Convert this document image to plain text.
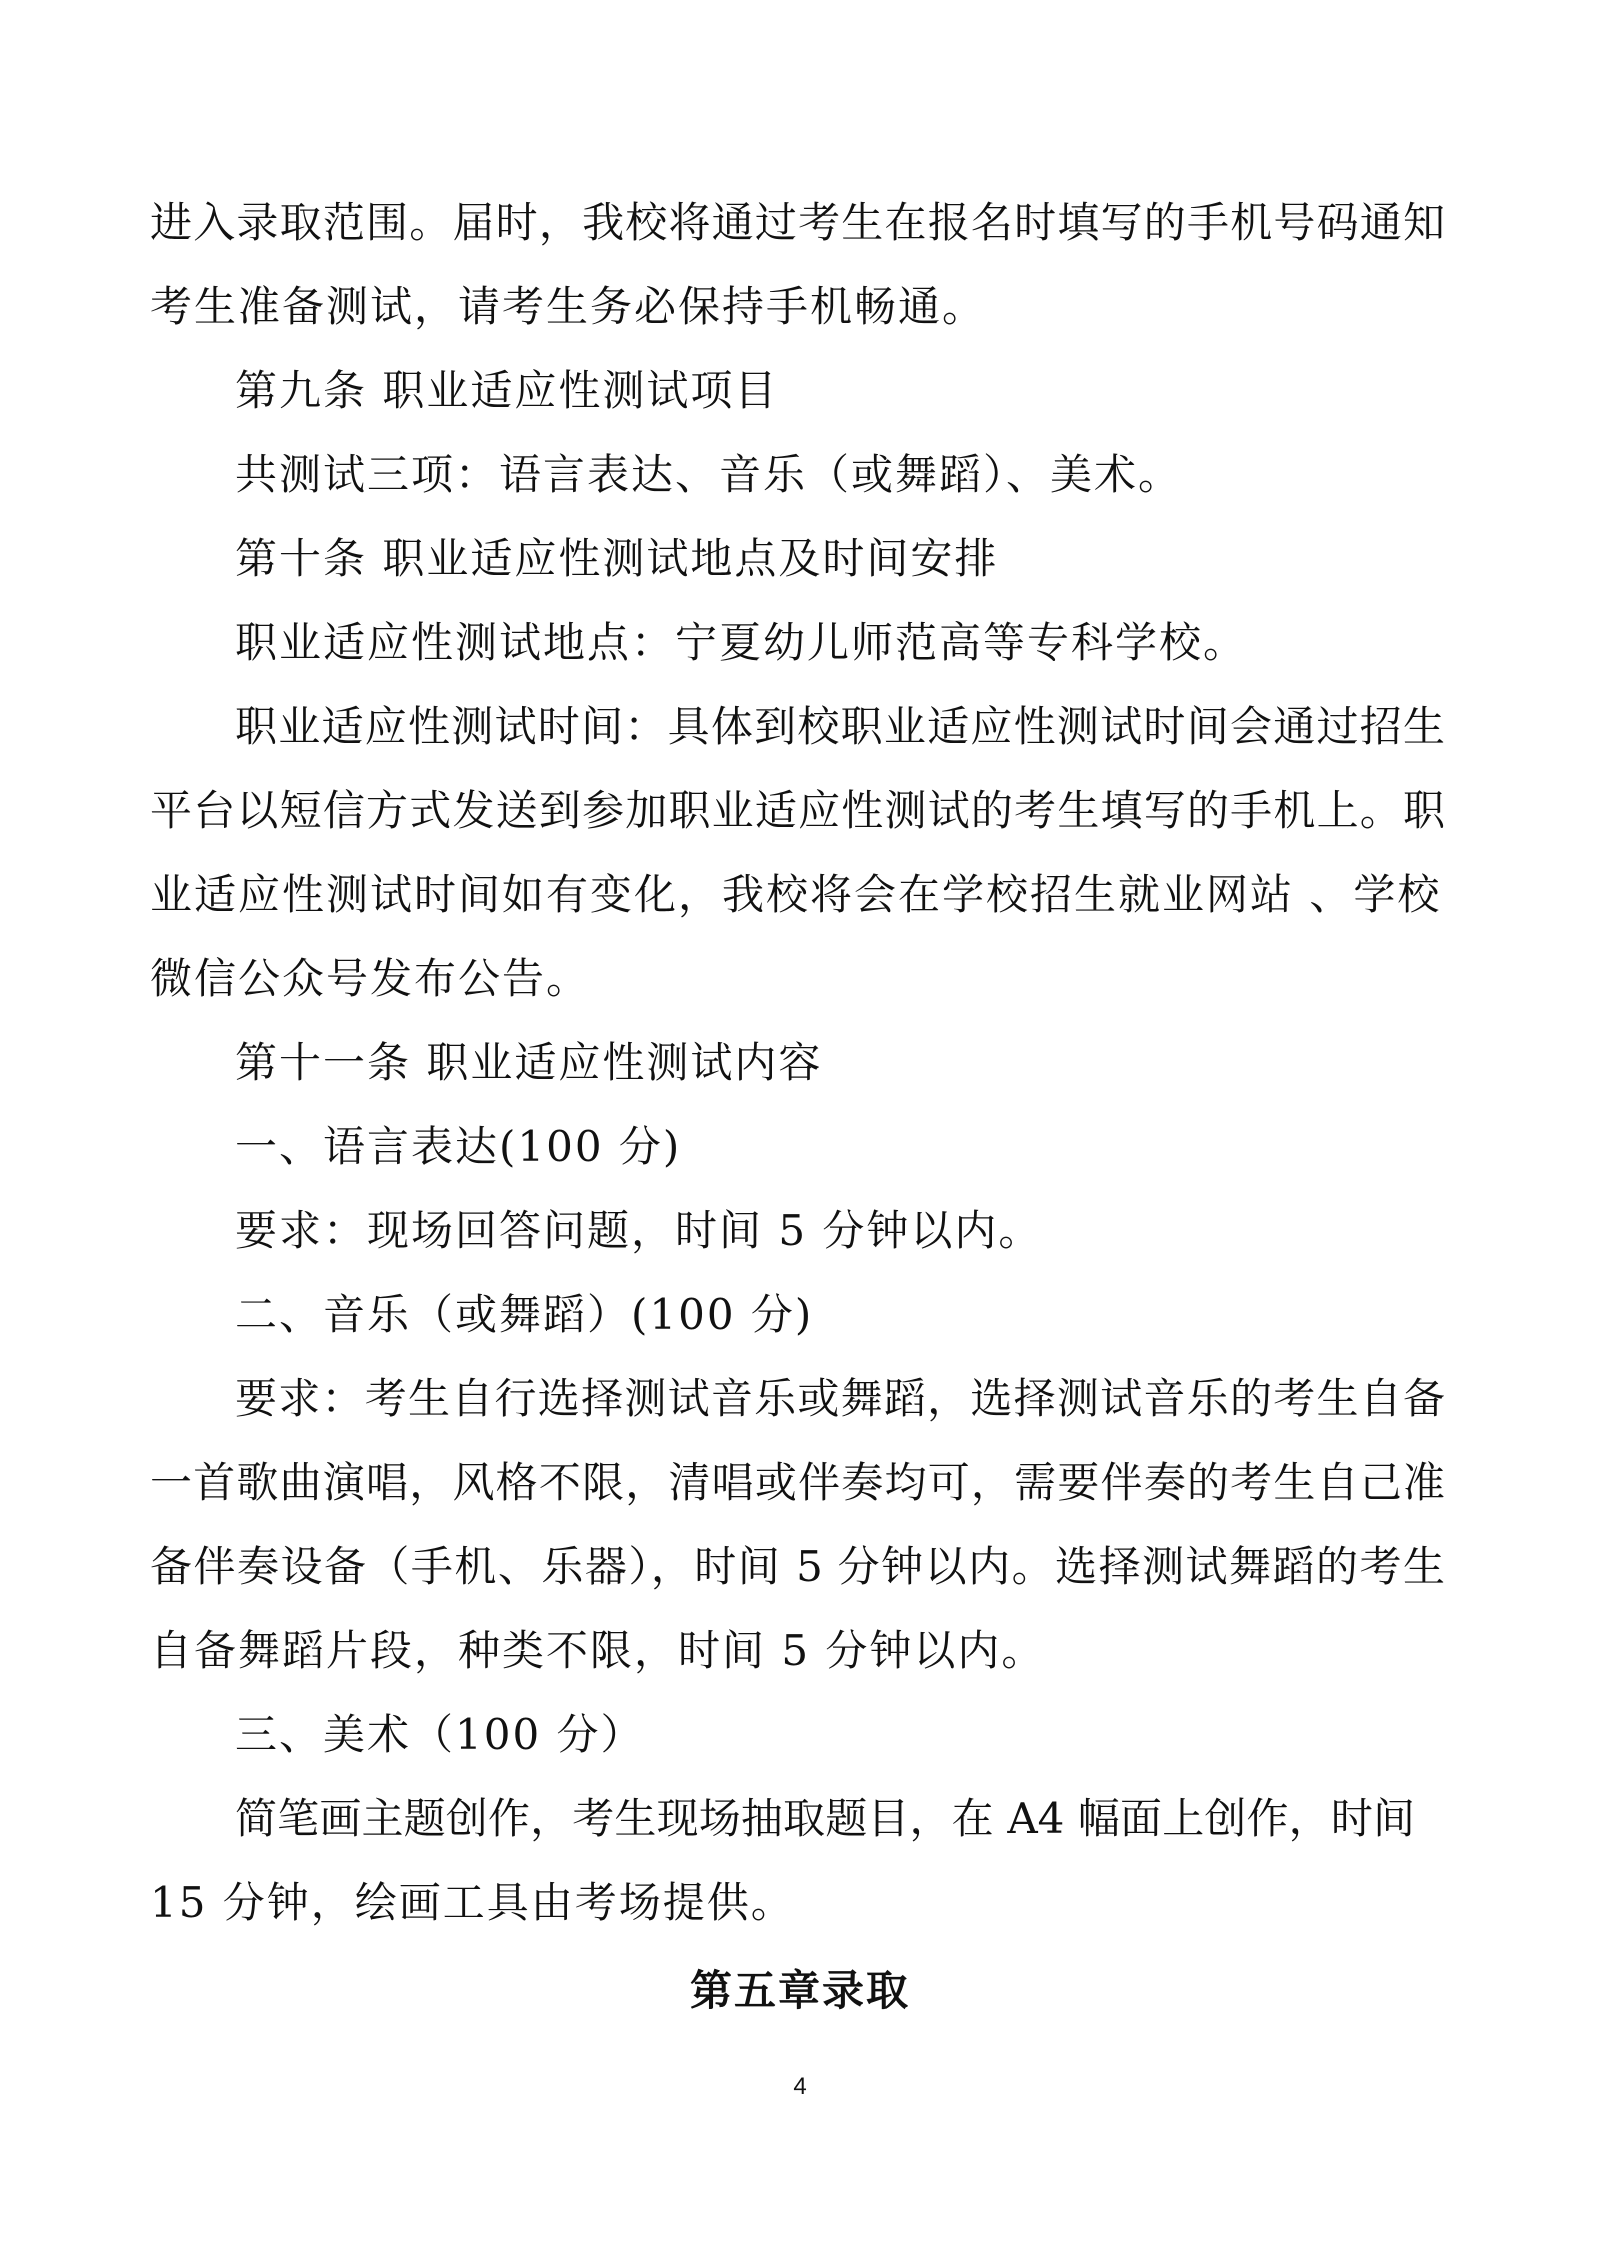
进入录取范围。届时，我校将通过考生在报名时填写的手机号码通知
考生准备测试，请考生务必保持手机畅通。
第九条 职业适应性测试项目
共测试三项：语言表达、音乐（或舞蹈）、美术。
第十条 职业适应性测试地点及时间安排
职业适应性测试地点：宁夏幼儿师范高等专科学校。
职业适应性测试时间：具体到校职业适应性测试时间会通过招生
平台以短信方式发送到参加职业适应性测试的考生填写的手机上。职
业适应性测试时间如有变化，我校将会在学校招生就业网站 、学校
微信公众号发布公告。
第十一条 职业适应性测试内容
一、语言表达(100 分)
要求：现场回答问题，时间 5 分钟以内。
二、音乐（或舞蹈）(100 分)
要求：考生自行选择测试音乐或舞蹈，选择测试音乐的考生自备
一首歌曲演唱，风格不限，清唱或伴奏均可，需要伴奏的考生自己准
备伴奏设备（手机、乐器），时间 5 分钟以内。选择测试舞蹈的考生
自备舞蹈片段，种类不限，时间 5 分钟以内。
三、美术（100 分）
简笔画主题创作，考生现场抽取题目，在 A4 幅面上创作，时间
15 分钟，绘画工具由考场提供。
第五章录取
4
